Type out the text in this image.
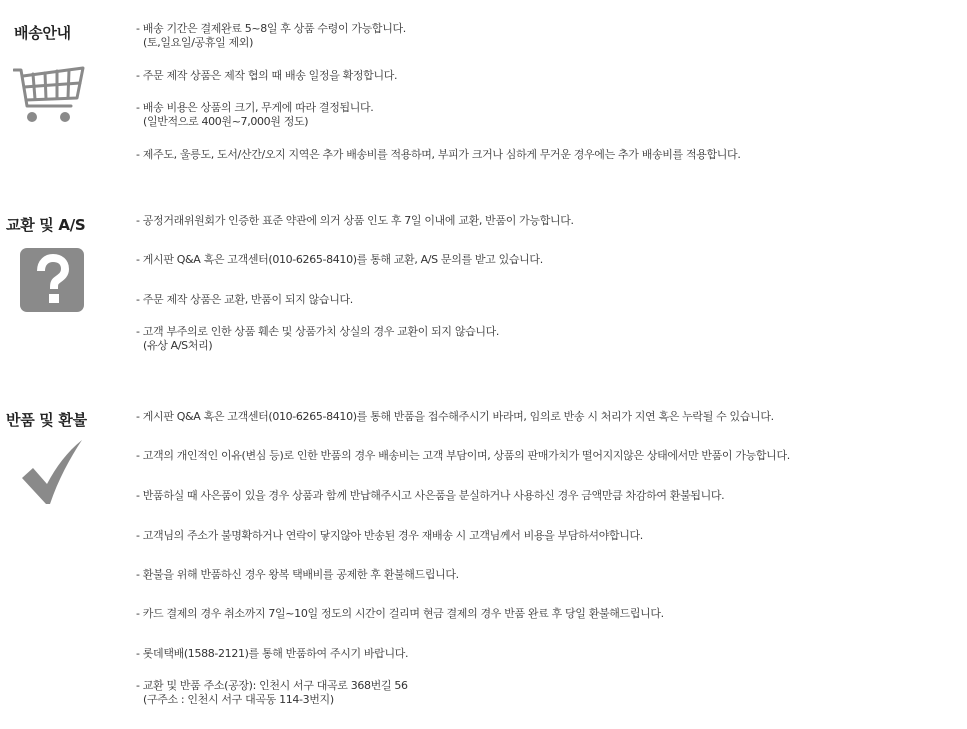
배송안내	- 배송 기간은 결제완료 5~8일 후 상품 수령이 가능합니다.
(토,일요일/공휴일 제외)
- 주문 제작 상품은 제작 협의 때 배송 일정을 확정합니다.
- 배송 비용은 상품의 크기, 무게에 따라 결정됩니다.
(일반적으로 400원~7,000원 정도)
- 제주도, 울릉도, 도서/산간/오지 지역은 추가 배송비를 적용하며, 부피가 크거나 심하게 무거운 경우에는 추가 배송비를 적용합니다.
교환 및 A/S	- 공정거래위원회가 인증한 표준 약관에 의거 상품 인도 후 7일 이내에 교환, 반품이 가능합니다.
- 게시판 Q&A 혹은 고객센터(010-6265-8410)를 통해 교환, A/S 문의를 받고 있습니다.
- 주문 제작 상품은 교환, 반품이 되지 않습니다.
- 고객 부주의로 인한 상품 훼손 및 상품가치 상실의 경우 교환이 되지 않습니다.
(유상 A/S처리)
반품 및 환불	- 게시판 Q&A 혹은 고객센터(010-6265-8410)를 통해 반품을 접수해주시기 바라며, 임의로 반송 시 처리가 지연 혹은 누락될 수 있습니다.
- 고객의 개인적인 이유(변심 등)로 인한 반품의 경우 배송비는 고객 부담이며, 상품의 판매가치가 떨어지지않은 상태에서만 반품이 가능합니다.
- 반품하실 때 사은품이 있을 경우 상품과 함께 반납해주시고 사은품을 분실하거나 사용하신 경우 금액만큼 차감하여 환불됩니다.
- 고객님의 주소가 불명확하거나 연락이 닿지않아 반송된 경우 재배송 시 고객님께서 비용을 부담하셔야합니다.
- 환불을 위해 반품하신 경우 왕복 택배비를 공제한 후 환불해드립니다.
- 카드 결제의 경우 취소까지 7일~10일 정도의 시간이 걸리며 현금 결제의 경우 반품 완료 후 당일 환불해드립니다.
- 롯데택배(1588-2121)를 통해 반품하여 주시기 바랍니다.
- 교환 및 반품 주소(공장): 인천시 서구 대곡로 368번길 56
(구주소 : 인천시 서구 대곡동 114-3번지)
